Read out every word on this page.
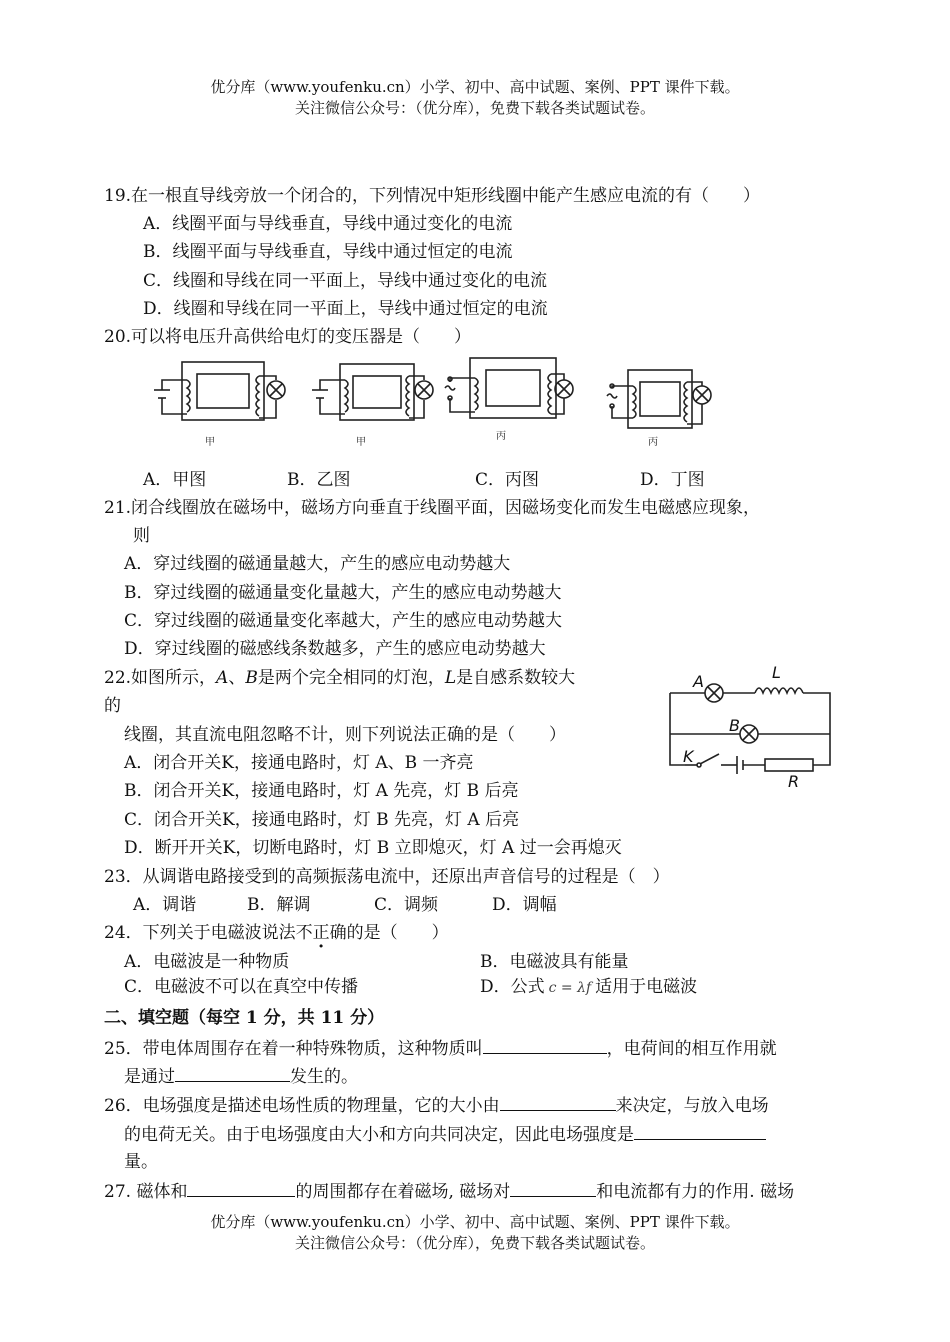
优分库（www.youfenku.cn）小学、初中、高中试题、案例、PPT 课件下载。
关注微信公众号：（优分库），免费下载各类试题试卷。
19.在一根直导线旁放一个闭合的，下列情况中矩形线圈中能产生感应电流的有（　　）
A．线圈平面与导线垂直，导线中通过变化的电流
B．线圈平面与导线垂直，导线中通过恒定的电流
C．线圈和导线在同一平面上，导线中通过变化的电流
D．线圈和导线在同一平面上，导线中通过恒定的电流
20.可以将电压升高供给电灯的变压器是（　　）
甲	甲
丙
丙
A．甲图	B．乙图	C．丙图	D．丁图
21.闭合线圈放在磁场中，磁场方向垂直于线圈平面，因磁场变化而发生电磁感应现象，
则
A．穿过线圈的磁通量越大，产生的感应电动势越大
B．穿过线圈的磁通量变化量越大，产生的感应电动势越大
C．穿过线圈的磁通量变化率越大，产生的感应电动势越大
D．穿过线圈的磁感线条数越多，产生的感应电动势越大
22.如图所示，A、B是两个完全相同的灯泡，L是自感系数较大
的
线圈，其直流电阻忽略不计，则下列说法正确的是（　　）
A．闭合开关K，接通电路时，灯 A、B 一齐亮
B．闭合开关K，接通电路时，灯 A 先亮，灯 B 后亮
C．闭合开关K，接通电路时，灯 B 先亮，灯 A 后亮
D．断开开关K，切断电路时，灯 B 立即熄灭，灯 A 过一会再熄灭
A	L
B
K
R
23．从调谐电路接受到的高频振荡电流中，还原出声音信号的过程是（　）
A．调谐	B．解调	C．调频	D．调幅
24．下列关于电磁波说法不正确的是（　　）
A．电磁波是一种物质	B．电磁波具有能量
C．电磁波不可以在真空中传播	D．公式 c = λf 适用于电磁波
二、填空题（每空 1 分，共 11 分）
25．带电体周围存在着一种特殊物质，这种物质叫	，电荷间的相互作用就
是通过	发生的。
26．电场强度是描述电场性质的物理量，它的大小由	来决定，与放入电场
的电荷无关。由于电场强度由大小和方向共同决定，因此电场强度是
量。
27. 磁体和	的周围都存在着磁场, 磁场对	和电流都有力的作用. 磁场
优分库（www.youfenku.cn）小学、初中、高中试题、案例、PPT 课件下载。
关注微信公众号：（优分库），免费下载各类试题试卷。
